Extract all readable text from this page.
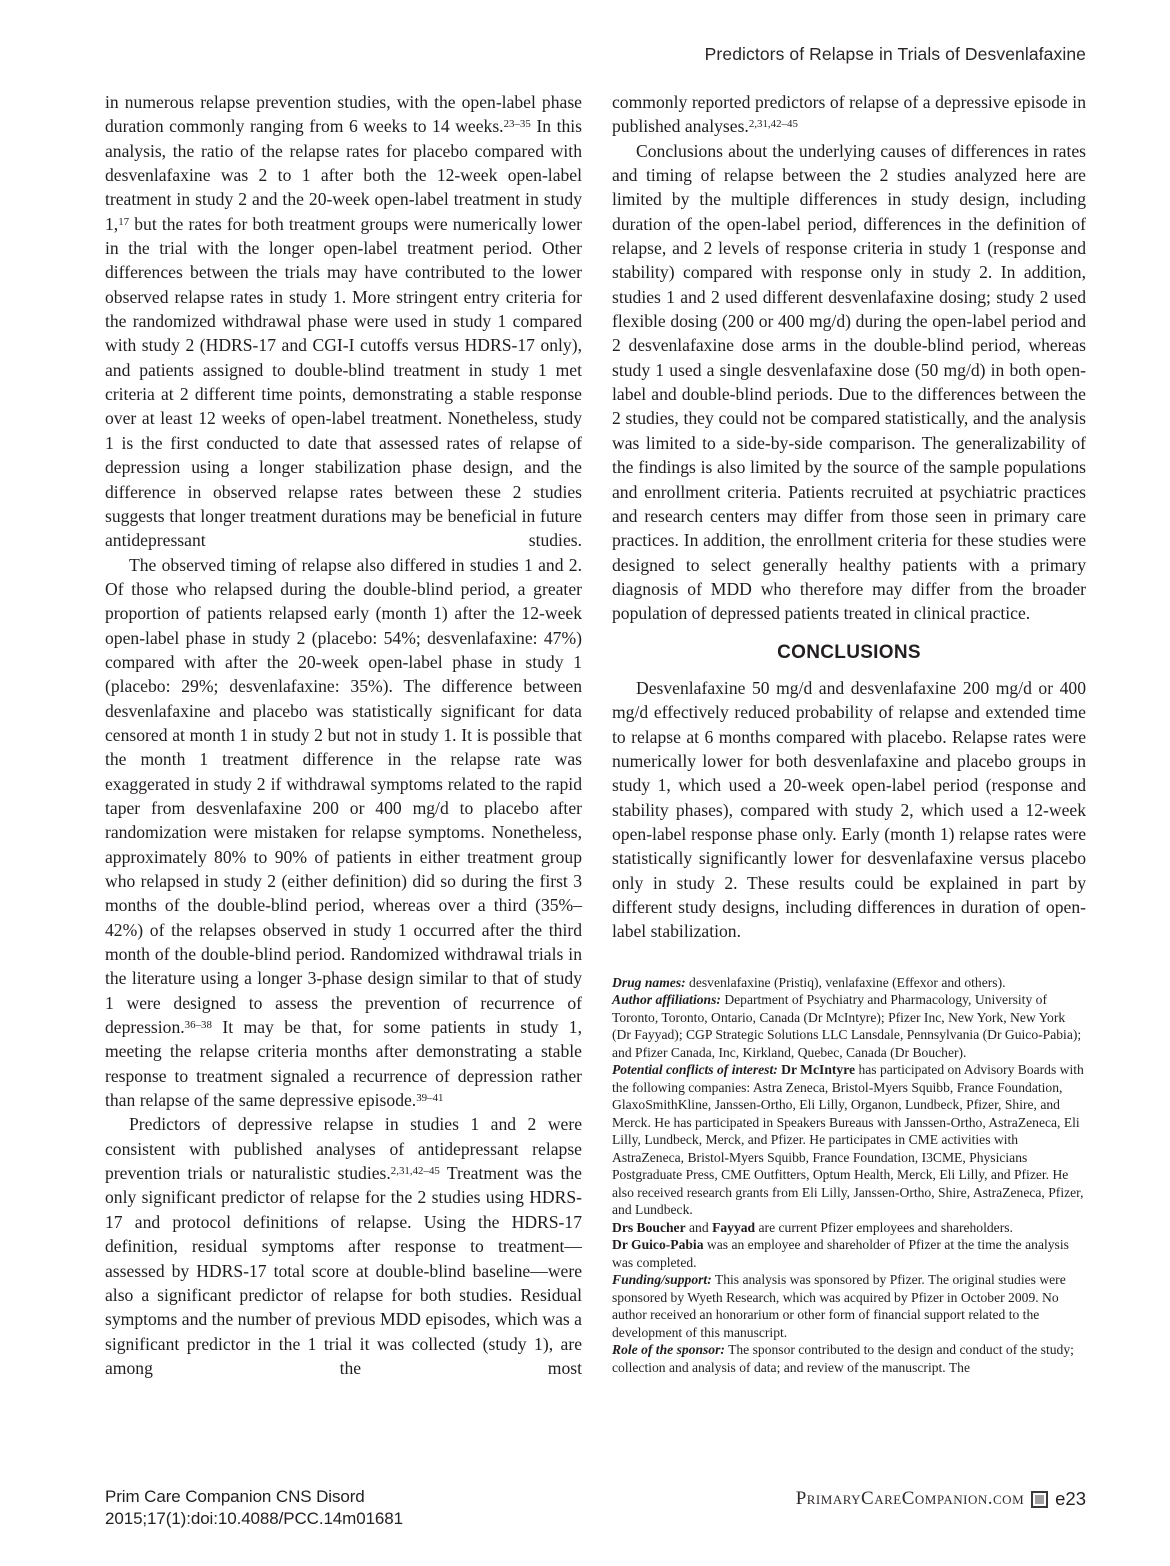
Predictors of Relapse in Trials of Desvenlafaxine

in numerous relapse prevention studies, with the open-label phase duration commonly ranging from 6 weeks to 14 weeks.$^{23-35}$ In this analysis, the ratio of the relapse rates for placebo compared with desvenlafaxine was 2 to 1 after both the 12-week open-label treatment in study 2 and the 20-week open-label treatment in study 1,17 but the rates for both treatment groups were numerically lower in the trial with the longer open-label treatment period. Other differences between the trials may have contributed to the lower observed relapse rates in study 1. More stringent entry criteria for the randomized withdrawal phase were used in study 1 compared with study 2 (HDRS-17 and CGI-I cutoffs versus HDRS-17 only), and patients assigned to double-blind treatment in study 1 met criteria at 2 different time points, demonstrating a stable response over at least 12 weeks of open-label treatment. Nonetheless, study 1 is the first conducted to date that assessed rates of relapse of depression using a longer stabilization phase design, and the difference in observed relapse rates between these 2 studies suggests that longer treatment durations may be beneficial in future antidepressant studies.

The observed timing of relapse also differed in studies 1 and 2. Of those who relapsed during the double-blind period, a greater proportion of patients relapsed early (month 1) after the 12-week open-label phase in study 2 (placebo: 54%; desvenlafaxine: 47%) compared with after the 20-week open-label phase in study 1 (placebo: 29%; desvenlafaxine: 35%). The difference between desvenlafaxine and placebo was statistically significant for data censored at month 1 in study 2 but not in study 1. It is possible that the month 1 treatment difference in the relapse rate was exaggerated in study 2 if withdrawal symptoms related to the rapid taper from desvenlafaxine 200 or 400 mg/d to placebo after randomization were mistaken for relapse symptoms. Nonetheless, approximately 80% to 90% of patients in either treatment group who relapsed in study 2 (either definition) did so during the first 3 months of the double-blind period, whereas over a third (35%–42%) of the relapses observed in study 1 occurred after the third month of the double-blind period. Randomized withdrawal trials in the literature using a longer 3-phase design similar to that of study 1 were designed to assess the prevention of recurrence of depression.$^{36-38}$ It may be that, for some patients in study 1, meeting the relapse criteria months after demonstrating a stable response to treatment signaled a recurrence of depression rather than relapse of the same depressive episode.$^{39-41}$

Predictors of depressive relapse in studies 1 and 2 were consistent with published analyses of antidepressant relapse prevention trials or naturalistic studies.$^{2,31,42-45}$ Treatment was the only significant predictor of relapse for the 2 studies using HDRS-17 and protocol definitions of relapse. Using the HDRS-17 definition, residual symptoms after response to treatment—assessed by HDRS-17 total score at double-blind baseline—were also a significant predictor of relapse for both studies. Residual symptoms and the number of previous MDD episodes, which was a significant predictor in the 1 trial it was collected (study 1), are among the most

commonly reported predictors of relapse of a depressive episode in published analyses.$^{2,31,42-45}$

Conclusions about the underlying causes of differences in rates and timing of relapse between the 2 studies analyzed here are limited by the multiple differences in study design, including duration of the open-label period, differences in the definition of relapse, and 2 levels of response criteria in study 1 (response and stability) compared with response only in study 2. In addition, studies 1 and 2 used different desvenlafaxine dosing; study 2 used flexible dosing (200 or 400 mg/d) during the open-label period and 2 desvenlafaxine dose arms in the double-blind period, whereas study 1 used a single desvenlafaxine dose (50 mg/d) in both open-label and double-blind periods. Due to the differences between the 2 studies, they could not be compared statistically, and the analysis was limited to a side-by-side comparison. The generalizability of the findings is also limited by the source of the sample populations and enrollment criteria. Patients recruited at psychiatric practices and research centers may differ from those seen in primary care practices. In addition, the enrollment criteria for these studies were designed to select generally healthy patients with a primary diagnosis of MDD who therefore may differ from the broader population of depressed patients treated in clinical practice.

CONCLUSIONS

Desvenlafaxine 50 mg/d and desvenlafaxine 200 mg/d or 400 mg/d effectively reduced probability of relapse and extended time to relapse at 6 months compared with placebo. Relapse rates were numerically lower for both desvenlafaxine and placebo groups in study 1, which used a 20-week open-label period (response and stability phases), compared with study 2, which used a 12-week open-label response phase only. Early (month 1) relapse rates were statistically significantly lower for desvenlafaxine versus placebo only in study 2. These results could be explained in part by different study designs, including differences in duration of open-label stabilization.

Drug names: desvenlafaxine (Pristiq), venlafaxine (Effexor and others).

Author affiliations: Department of Psychiatry and Pharmacology, University of Toronto, Toronto, Ontario, Canada (Dr McIntyre); Pfizer Inc, New York, New York (Dr Fayyad); CGP Strategic Solutions LLC Lansdale, Pennsylvania (Dr Guico-Pabia); and Pfizer Canada, Inc, Kirkland, Quebec, Canada (Dr Boucher).

Potential conflicts of interest: Dr McIntyre has participated on Advisory Boards with the following companies: Astra Zeneca, Bristol-Myers Squibb, France Foundation, GlaxoSmithKline, Janssen-Ortho, Eli Lilly, Organon, Lundbeck, Pfizer, Shire, and Merck. He has participated in Speakers Bureaus with Janssen-Ortho, AstraZeneca, Eli Lilly, Lundbeck, Merck, and Pfizer. He participates in CME activities with AstraZeneca, Bristol-Myers Squibb, France Foundation, I3CME, Physicians Postgraduate Press, CME Outfitters, Optum Health, Merck, Eli Lilly, and Pfizer. He also received research grants from Eli Lilly, Janssen-Ortho, Shire, AstraZeneca, Pfizer, and Lundbeck.

Drs Boucher and Fayyad are current Pfizer employees and shareholders.

Dr Guico-Pabia was an employee and shareholder of Pfizer at the time the analysis was completed.

Funding/support: This analysis was sponsored by Pfizer. The original studies were sponsored by Wyeth Research, which was acquired by Pfizer in October 2009. No author received an honorarium or other form of financial support related to the development of this manuscript.

Role of the sponsor: The sponsor contributed to the design and conduct of the study; collection and analysis of data; and review of the manuscript. The

Prim Care Companion CNS Disord
2015;17(1):doi:10.4088/PCC.14m01681
PrimaryCareCompanion.com e23
